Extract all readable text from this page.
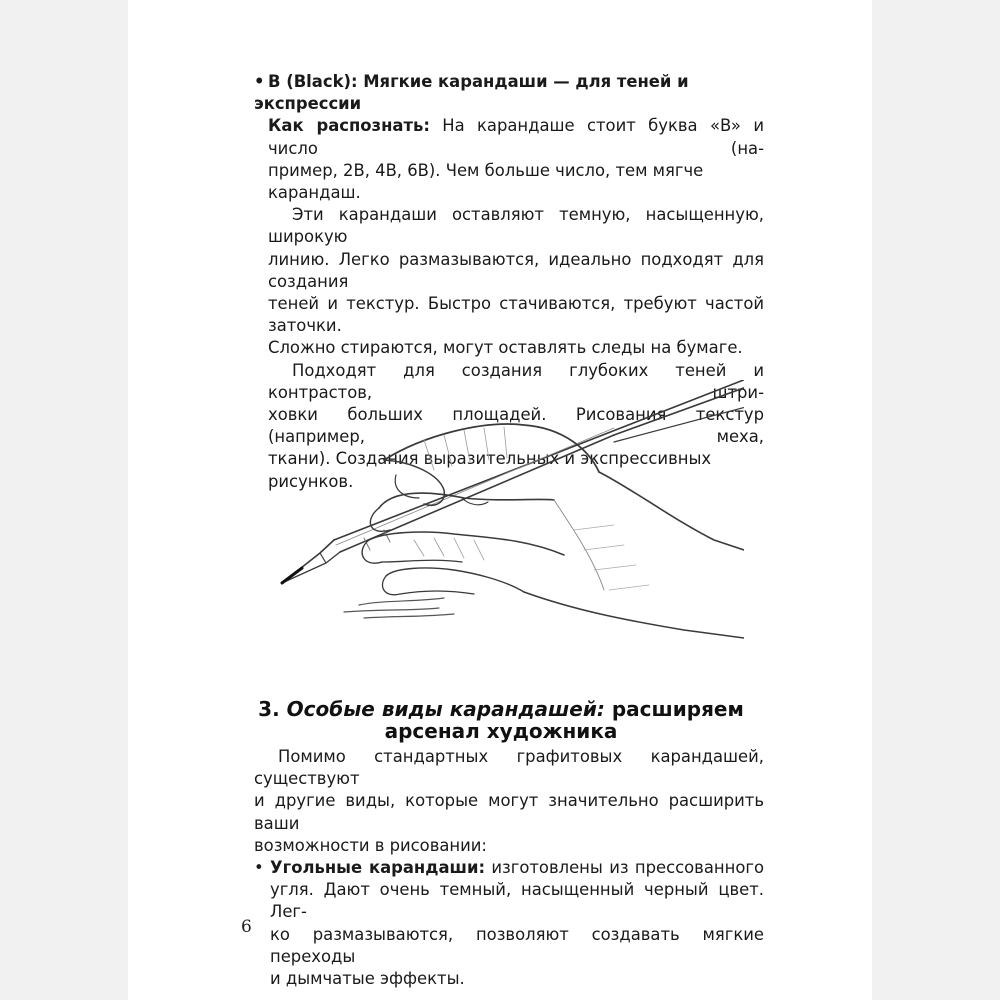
• B (Black): Мягкие карандаши — для теней и экспрессии

Как распознать: На карандаше стоит буква «B» и число (на-

пример, 2B, 4B, 6B). Чем больше число, тем мягче карандаш.

Эти карандаши оставляют темную, насыщенную, широкую

линию. Легко размазываются, идеально подходят для создания

теней и текстур. Быстро стачиваются, требуют частой заточки.

Сложно стираются, могут оставлять следы на бумаге.

Подходят для создания глубоких теней и контрастов, штри-

ховки больших площадей. Рисования текстур (например, меха,

ткани). Создания выразительных и экспрессивных рисунков.

3. Особые виды карандашей: расширяем
арсенал художника

Помимо стандартных графитовых карандашей, существуют

и другие виды, которые могут значительно расширить ваши

возможности в рисовании:

• Угольные карандаши: изготовлены из прессованного

угля. Дают очень темный, насыщенный черный цвет. Лег-

ко размазываются, позволяют создавать мягкие переходы

и дымчатые эффекты.

6
